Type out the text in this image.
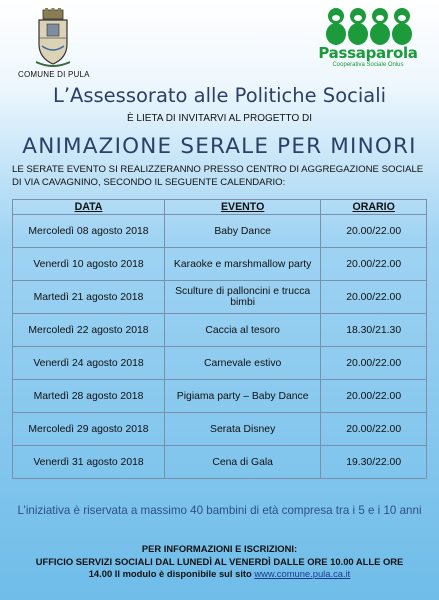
COMUNE DI PULA
Passaparola
Cooperativa Sociale Onlus
L’Assessorato alle Politiche Sociali
È LIETA DI INVITARVI AL PROGETTO DI
ANIMAZIONE SERALE PER MINORI
LE SERATE EVENTO SI REALIZZERANNO PRESSO CENTRO DI AGGREGAZIONE SOCIALE DI VIA CAVAGNINO, SECONDO IL SEGUENTE CALENDARIO:
DATA	EVENTO	ORARIO
Mercoledì 08 agosto 2018	Baby Dance	20.00/22.00
Venerdì 10 agosto 2018	Karaoke e marshmallow party	20.00/22.00
Martedì 21 agosto 2018	Sculture di palloncini e trucca bimbi	20.00/22.00
Mercoledì 22 agosto 2018	Caccia al tesoro	18.30/21.30
Venerdì 24 agosto 2018	Carnevale estivo	20.00/22.00
Martedì 28 agosto 2018	Pigiama party – Baby Dance	20.00/22.00
Mercoledì 29 agosto 2018	Serata Disney	20.00/22.00
Venerdì 31 agosto 2018	Cena di Gala	19.30/22.00
L’iniziativa è riservata a massimo 40 bambini di età compresa tra i 5 e i 10 anni
PER INFORMAZIONI E ISCRIZIONI:
UFFICIO SERVIZI SOCIALI DAL LUNEDÌ AL VENERDÌ DALLE ORE 10.00 ALLE ORE
14.00 Il modulo è disponibile sul sito www.comune.pula.ca.it
